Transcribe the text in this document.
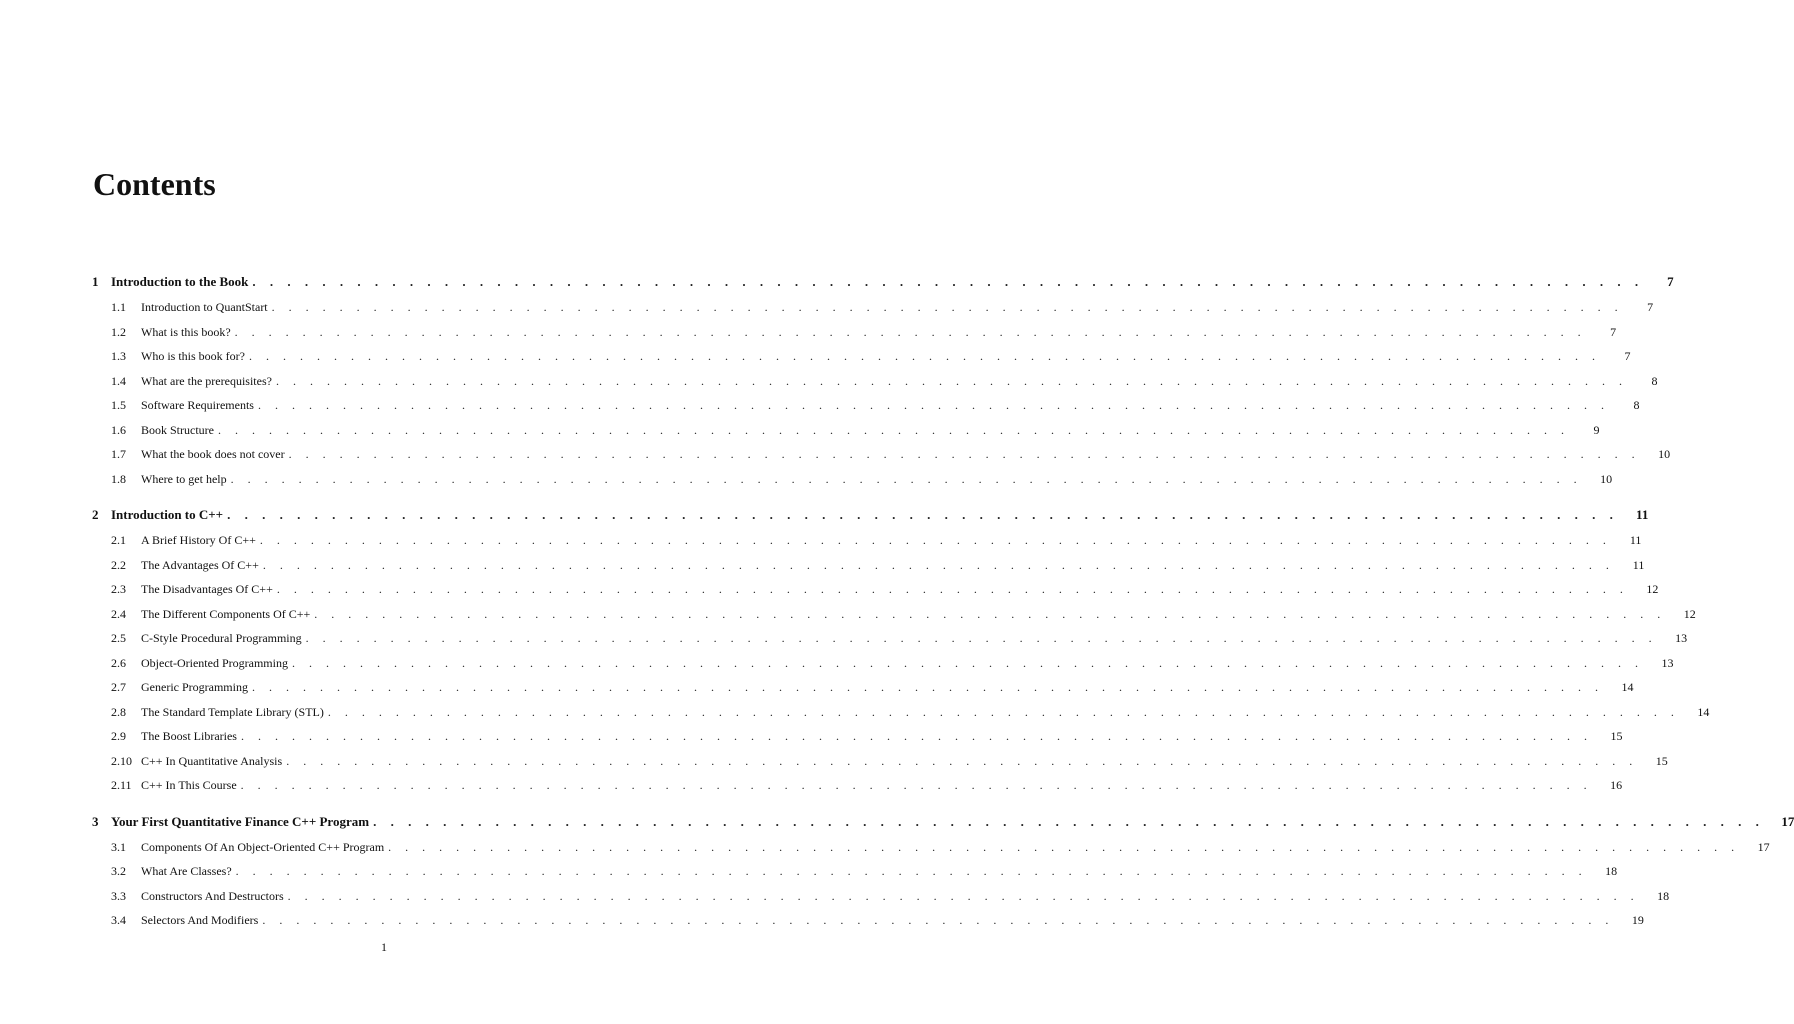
Contents
1 Introduction to the Book . . . . . . . . . . . . . . . . . . . . . . . . . . . . . . . . . . . . . . . . . . . . . . . . . . . . . . . . . . . . . . . . . . . . . . . . . . . . . . . .	7
1.1	Introduction to QuantStart . . . . . . . . . . . . . . . . . . . . . . . . . . . . . . . . . . . . . . . . . . . . . . . . . . . . . . . . . . . . . . . . . . . . . . . . . . . . . . . .	7
1.2	What is this book? . . . . . . . . . . . . . . . . . . . . . . . . . . . . . . . . . . . . . . . . . . . . . . . . . . . . . . . . . . . . . . . . . . . . . . . . . . . . . . . .	7
1.3	Who is this book for? . . . . . . . . . . . . . . . . . . . . . . . . . . . . . . . . . . . . . . . . . . . . . . . . . . . . . . . . . . . . . . . . . . . . . . . . . . . . . . . .	7
1.4	What are the prerequisites? . . . . . . . . . . . . . . . . . . . . . . . . . . . . . . . . . . . . . . . . . . . . . . . . . . . . . . . . . . . . . . . . . . . . . . . . . . . . . . . .	8
1.5	Software Requirements . . . . . . . . . . . . . . . . . . . . . . . . . . . . . . . . . . . . . . . . . . . . . . . . . . . . . . . . . . . . . . . . . . . . . . . . . . . . . . . .	8
1.6	Book Structure . . . . . . . . . . . . . . . . . . . . . . . . . . . . . . . . . . . . . . . . . . . . . . . . . . . . . . . . . . . . . . . . . . . . . . . . . . . . . . . .	9
1.7	What the book does not cover . . . . . . . . . . . . . . . . . . . . . . . . . . . . . . . . . . . . . . . . . . . . . . . . . . . . . . . . . . . . . . . . . . . . . . . . . . . . . . . .	10
1.8	Where to get help . . . . . . . . . . . . . . . . . . . . . . . . . . . . . . . . . . . . . . . . . . . . . . . . . . . . . . . . . . . . . . . . . . . . . . . . . . . . . . . .	10
2 Introduction to C++ . . . . . . . . . . . . . . . . . . . . . . . . . . . . . . . . . . . . . . . . . . . . . . . . . . . . . . . . . . . . . . . . . . . . . . . . . . . . . . . .	11
2.1	A Brief History Of C++ . . . . . . . . . . . . . . . . . . . . . . . . . . . . . . . . . . . . . . . . . . . . . . . . . . . . . . . . . . . . . . . . . . . . . . . . . . . . . . . .	11
2.2	The Advantages Of C++ . . . . . . . . . . . . . . . . . . . . . . . . . . . . . . . . . . . . . . . . . . . . . . . . . . . . . . . . . . . . . . . . . . . . . . . . . . . . . . . .	11
2.3	The Disadvantages Of C++ . . . . . . . . . . . . . . . . . . . . . . . . . . . . . . . . . . . . . . . . . . . . . . . . . . . . . . . . . . . . . . . . . . . . . . . . . . . . . . . .	12
2.4	The Different Components Of C++ . . . . . . . . . . . . . . . . . . . . . . . . . . . . . . . . . . . . . . . . . . . . . . . . . . . . . . . . . . . . . . . . . . . . . . . . . . . . . . . .	12
2.5	C-Style Procedural Programming . . . . . . . . . . . . . . . . . . . . . . . . . . . . . . . . . . . . . . . . . . . . . . . . . . . . . . . . . . . . . . . . . . . . . . . . . . . . . . . .	13
2.6	Object-Oriented Programming . . . . . . . . . . . . . . . . . . . . . . . . . . . . . . . . . . . . . . . . . . . . . . . . . . . . . . . . . . . . . . . . . . . . . . . . . . . . . . . .	13
2.7	Generic Programming . . . . . . . . . . . . . . . . . . . . . . . . . . . . . . . . . . . . . . . . . . . . . . . . . . . . . . . . . . . . . . . . . . . . . . . . . . . . . . . .	14
2.8	The Standard Template Library (STL) . . . . . . . . . . . . . . . . . . . . . . . . . . . . . . . . . . . . . . . . . . . . . . . . . . . . . . . . . . . . . . . . . . . . . . . . . . . . . . . .	14
2.9	The Boost Libraries . . . . . . . . . . . . . . . . . . . . . . . . . . . . . . . . . . . . . . . . . . . . . . . . . . . . . . . . . . . . . . . . . . . . . . . . . . . . . . . .	15
2.10 C++ In Quantitative Analysis . . . . . . . . . . . . . . . . . . . . . . . . . . . . . . . . . . . . . . . . . . . . . . . . . . . . . . . . . . . . . . . . . . . . . . . . . . . . . . . .	15
2.11 C++ In This Course . . . . . . . . . . . . . . . . . . . . . . . . . . . . . . . . . . . . . . . . . . . . . . . . . . . . . . . . . . . . . . . . . . . . . . . . . . . . . . . .	16
3 Your First Quantitative Finance C++ Program . . . . . . . . . . . . . . . . . . . . . . . . . . . . . . . . . . . . . . . . . . . . . . . . . . . . . . . . . . . . . . . . . . . . . . . . . . . . . . . .	17
3.1	Components Of An Object-Oriented C++ Program . . . . . . . . . . . . . . . . . . . . . . . . . . . . . . . . . . . . . . . . . . . . . . . . . . . . . . . . . . . . . . . . . . . . . . . . . . . . . . . .	17
3.2	What Are Classes? . . . . . . . . . . . . . . . . . . . . . . . . . . . . . . . . . . . . . . . . . . . . . . . . . . . . . . . . . . . . . . . . . . . . . . . . . . . . . . . .	18
3.3	Constructors And Destructors . . . . . . . . . . . . . . . . . . . . . . . . . . . . . . . . . . . . . . . . . . . . . . . . . . . . . . . . . . . . . . . . . . . . . . . . . . . . . . . .	18
3.4	Selectors And Modifiers . . . . . . . . . . . . . . . . . . . . . . . . . . . . . . . . . . . . . . . . . . . . . . . . . . . . . . . . . . . . . . . . . . . . . . . . . . . . . . . .	19
1
